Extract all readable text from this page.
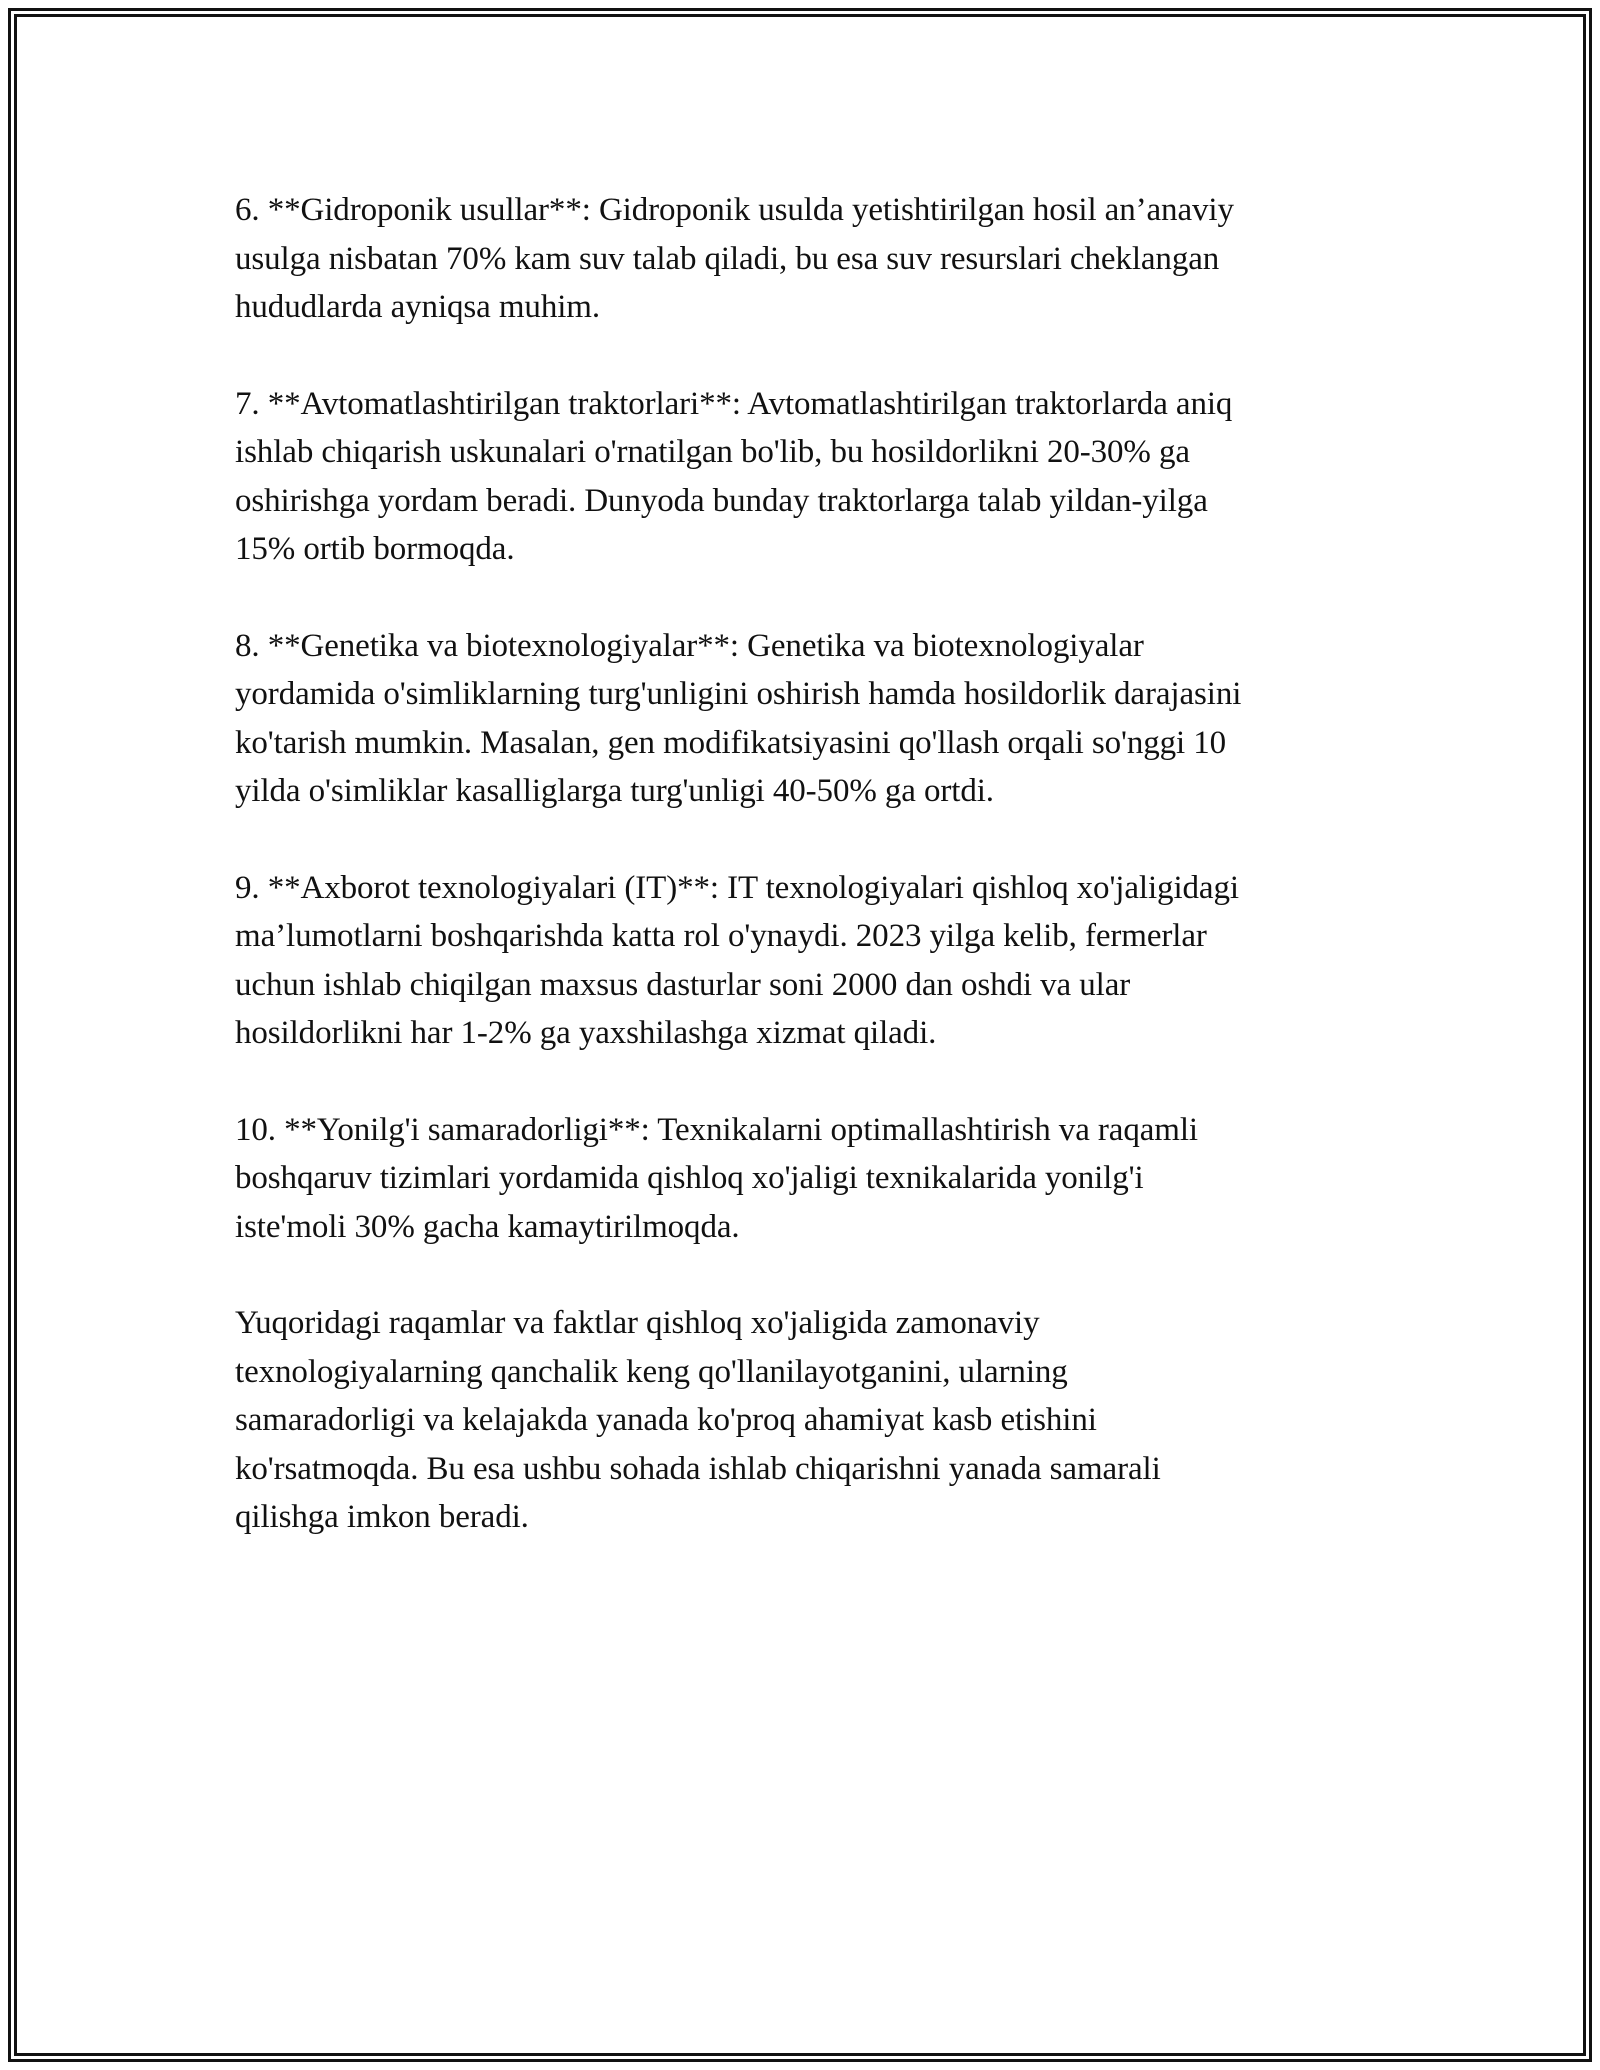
6. **Gidroponik usullar**: Gidroponik usulda yetishtirilgan hosil an’anaviy
usulga nisbatan 70% kam suv talab qiladi, bu esa suv resurslari cheklangan
hududlarda ayniqsa muhim.

7. **Avtomatlashtirilgan traktorlari**: Avtomatlashtirilgan traktorlarda aniq
ishlab chiqarish uskunalari o'rnatilgan bo'lib, bu hosildorlikni 20-30% ga
oshirishga yordam beradi. Dunyoda bunday traktorlarga talab yildan-yilga
15% ortib bormoqda.

8. **Genetika va biotexnologiyalar**: Genetika va biotexnologiyalar
yordamida o'simliklarning turg'unligini oshirish hamda hosildorlik darajasini
ko'tarish mumkin. Masalan, gen modifikatsiyasini qo'llash orqali so'nggi 10
yilda o'simliklar kasalliglarga turg'unligi 40-50% ga ortdi.

9. **Axborot texnologiyalari (IT)**: IT texnologiyalari qishloq xo'jaligidagi
ma’lumotlarni boshqarishda katta rol o'ynaydi. 2023 yilga kelib, fermerlar
uchun ishlab chiqilgan maxsus dasturlar soni 2000 dan oshdi va ular
hosildorlikni har 1-2% ga yaxshilashga xizmat qiladi.

10. **Yonilg'i samaradorligi**: Texnikalarni optimallashtirish va raqamli
boshqaruv tizimlari yordamida qishloq xo'jaligi texnikalarida yonilg'i
iste'moli 30% gacha kamaytirilmoqda.

Yuqoridagi raqamlar va faktlar qishloq xo'jaligida zamonaviy
texnologiyalarning qanchalik keng qo'llanilayotganini, ularning
samaradorligi va kelajakda yanada ko'proq ahamiyat kasb etishini
ko'rsatmoqda. Bu esa ushbu sohada ishlab chiqarishni yanada samarali
qilishga imkon beradi.
